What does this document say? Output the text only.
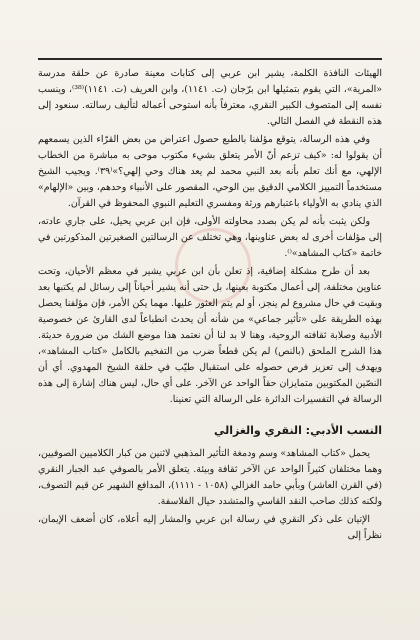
الهيئات النافذة الكلمة، يشير ابن عربي إلى كتابات معينة صادرة عن حلقة مدرسة «المرية»، التي يقوم بتمثيلها ابن برّجان (ت. ١١٤١)، وابن العريف (ت. ١١٤١)⁽³⁸⁾، وينسب نفسه إلى المتصوف الكبير النقري، معترفاً بأنه استوحى أعماله لتأليف رسالته. سنعود إلى هذه النقطة في الفصل التالي.

وفي هذه الرسالة، يتوقع مؤلفنا بالطبع حصول اعتراض من بعض القرّاء الذين يسمعهم أن يقولوا له: «كيف تزعم أنّ الأمر يتعلق بشيء مكتوب موحى به مباشرة من الخطاب الإلهي، مع أنك تعلم بأنه بعد النبي محمد لم يعد هناك وحي إلهي؟»⁽٣٩⁾. ويجيب الشيخ مستخدماً التمييز الكلامي الدقيق بين الوحي، المقصور على الأنبياء وحدهم، وبين «الإلهام» الذي ينادي به الأولياء باعتبارهم ورثة ومفسري التعليم النبوي المحفوظ في القرآن.

ولكن يثبت بأنه لم يكن بصدد محاولته الأولى، فإن ابن عربي يحيل، على جاري عادته، إلى مؤلفات أخرى له بعض عناوينها، وهي تختلف عن الرسالتين الصغيرتين المذكورتين في خاتمة «كتاب المشاهد»⁽⁤⁾.

بعد أن طرح مشكلة إضافية، إذ تعلن بأن ابن عربي يشير في معظم الأحيان، وتحت عناوين مختلفة، إلى أعمال مكتوبة بعينها، بل حتى أنه يشير أحياناً إلى رسائل لم يكتبها بعد وبقيت في حال مشروع لم ينجز، أو لم يتم العثور عليها. مهما يكن الأمر، فإن مؤلفنا يحصل بهذه الطريقة على «تأثير جماعي» من شأنه أن يحدث انطباعاً لدى القارئ عن خصوصية الأدبية وصلابة ثقافته الروحية، وهنا لا بد لنا أن نعتمد هذا موضع الشك من ضرورة حديثة. هذا الشرح الملحق (بالنص) لم يكن قطعاً ضرب من التفخيم بالكامل «كتاب المشاهد»، ويهدف إلى تعزيز فرص حصوله على استقبال طيّب في حلقة الشيخ المهدوي. أي أن النصّين المكتوبين متمايزان حقاً الواحد عن الآخر. على أي حال، ليس هناك إشارة إلى هذه الرسالة في التفسيرات الدائرة على الرسالة التي تعنينا.

النسب الأدبي: النقري والغزالي

يحمل «كتاب المشاهد» وسم ودمغة التأثير المذهبي لاثنين من كبار الكلاميين الصوفيين، وهما مختلفان كثيراً الواحد عن الآخر ثقافة وبيئة. يتعلق الأمر بالصوفي عبد الجبار النقري (في القرن العاشر) وبأبي حامد الغزالي (١٠٥٨ - ١١١١)، المدافع الشهير عن قيم التصوف، ولكنه كذلك صاحب النقد القاسي والمتشدد حيال الفلاسفة.

الإتيان على ذكر النقري في رسالة ابن عربي والمشار إليه أعلاه، كان أضعف الإيمان، نظراً إلى
